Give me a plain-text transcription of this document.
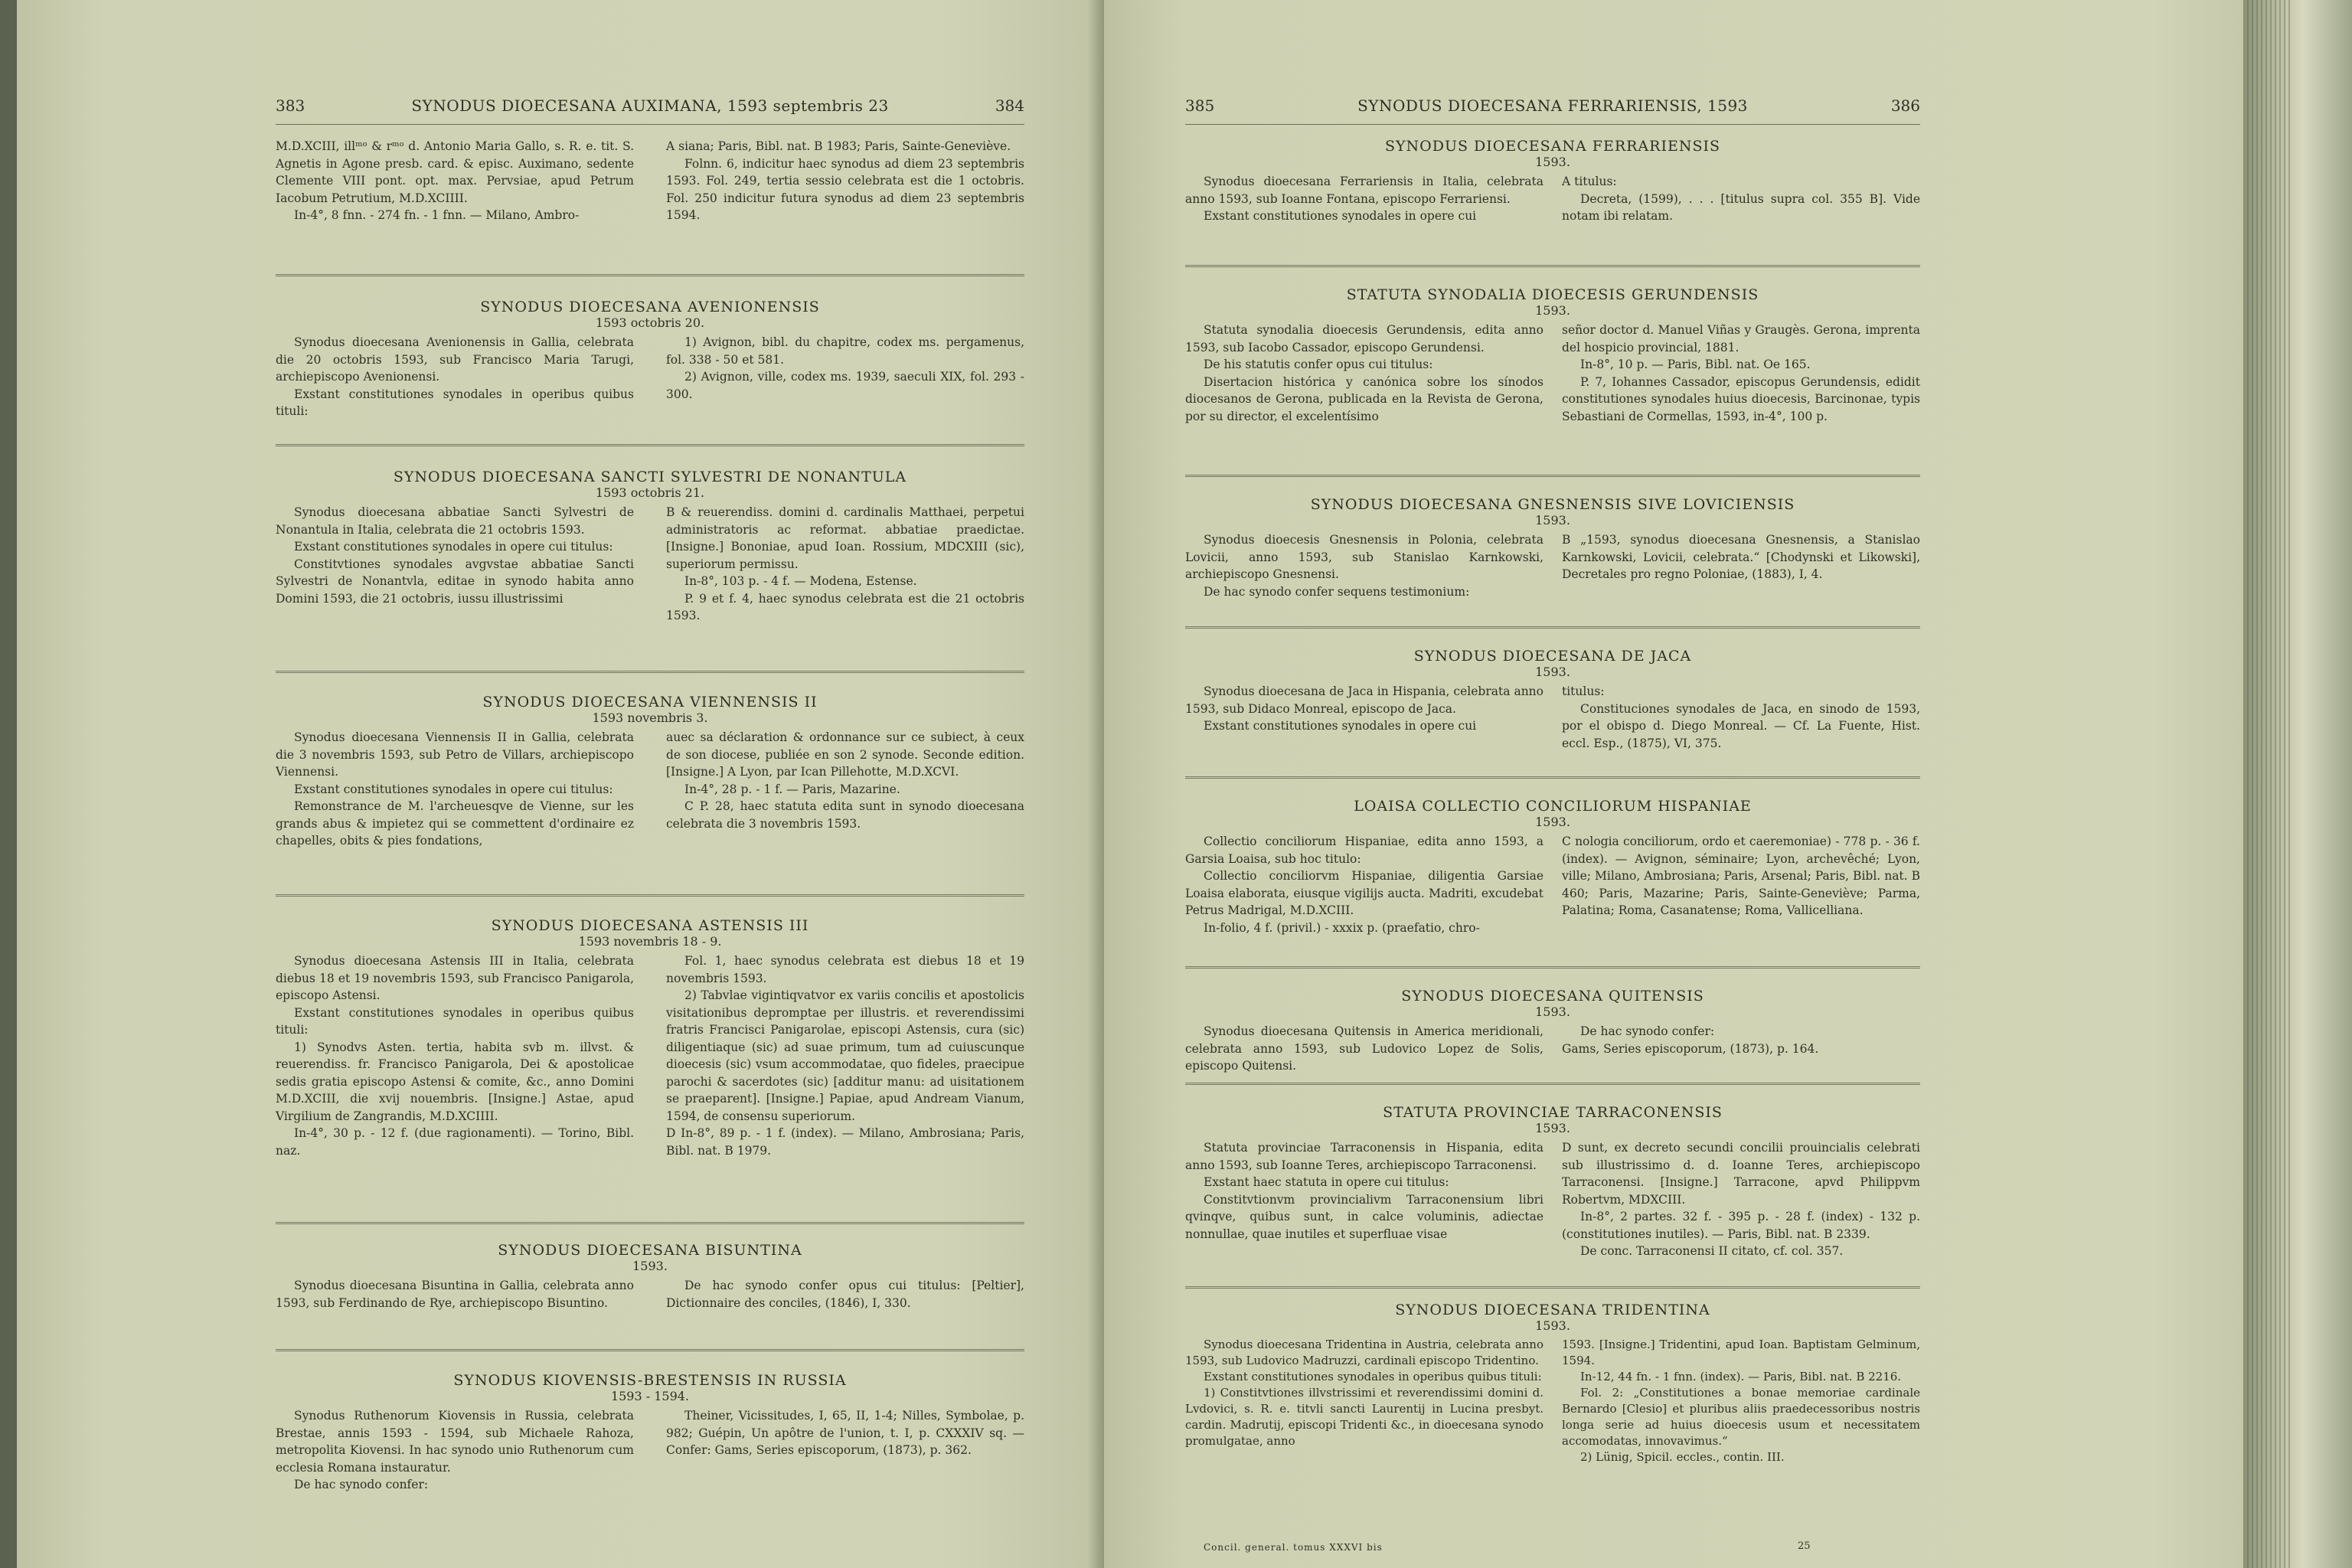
383	SYNODUS DIOECESANA AUXIMANA, 1593 septembris 23	384

M.D.XCIII, illᵐᵒ & rᵐᵒ d. Antonio Maria Gallo, s. R. e. tit. S. Agnetis in Agone presb. card. & episc. Auximano, sedente Clemente VIII pont. opt. max. Pervsiae, apud Petrum Iacobum Petrutium, M.D.XCIIII.

In-4°, 8 fnn. - 274 fn. - 1 fnn. — Milano, Ambro-

A siana; Paris, Bibl. nat. B 1983; Paris, Sainte-Geneviève.

Folnn. 6, indicitur haec synodus ad diem 23 septembris 1593. Fol. 249, tertia sessio celebrata est die 1 octobris. Fol. 250 indicitur futura synodus ad diem 23 septembris 1594.

SYNODUS DIOECESANA AVENIONENSIS
1593 octobris 20.

Synodus dioecesana Avenionensis in Gallia, celebrata die 20 octobris 1593, sub Francisco Maria Tarugi, archiepiscopo Avenionensi.

Exstant constitutiones synodales in operibus quibus tituli:

1) Avignon, bibl. du chapitre, codex ms. pergamenus, fol. 338 - 50 et 581.

2) Avignon, ville, codex ms. 1939, saeculi XIX, fol. 293 - 300.

SYNODUS DIOECESANA SANCTI SYLVESTRI DE NONANTULA
1593 octobris 21.

Synodus dioecesana abbatiae Sancti Sylvestri de Nonantula in Italia, celebrata die 21 octobris 1593.

Exstant constitutiones synodales in opere cui titulus:

Constitvtiones synodales avgvstae abbatiae Sancti Sylvestri de Nonantvla, editae in synodo habita anno Domini 1593, die 21 octobris, iussu illustrissimi

B & reuerendiss. domini d. cardinalis Matthaei, perpetui administratoris ac reformat. abbatiae praedictae. [Insigne.] Bononiae, apud Ioan. Rossium, MDCXIII (sic), superiorum permissu.

In-8°, 103 p. - 4 f. — Modena, Estense.

P. 9 et f. 4, haec synodus celebrata est die 21 octobris 1593.

SYNODUS DIOECESANA VIENNENSIS II
1593 novembris 3.

Synodus dioecesana Viennensis II in Gallia, celebrata die 3 novembris 1593, sub Petro de Villars, archiepiscopo Viennensi.

Exstant constitutiones synodales in opere cui titulus:

Remonstrance de M. l'archeuesqve de Vienne, sur les grands abus & impietez qui se commettent d'ordinaire ez chapelles, obits & pies fondations,

auec sa déclaration & ordonnance sur ce subiect, à ceux de son diocese, publiée en son 2 synode. Seconde edition. [Insigne.] A Lyon, par Ican Pillehotte, M.D.XCVI.

In-4°, 28 p. - 1 f. — Paris, Mazarine.

C P. 28, haec statuta edita sunt in synodo dioecesana celebrata die 3 novembris 1593.

SYNODUS DIOECESANA ASTENSIS III
1593 novembris 18 - 9.

Synodus dioecesana Astensis III in Italia, celebrata diebus 18 et 19 novembris 1593, sub Francisco Panigarola, episcopo Astensi.

Exstant constitutiones synodales in operibus quibus tituli:

1) Synodvs Asten. tertia, habita svb m. illvst. & reuerendiss. fr. Francisco Panigarola, Dei & apostolicae sedis gratia episcopo Astensi & comite, &c., anno Domini M.D.XCIII, die xvij nouembris. [Insigne.] Astae, apud Virgilium de Zangrandis, M.D.XCIIII.

In-4°, 30 p. - 12 f. (due ragionamenti). — Torino, Bibl. naz.

Fol. 1, haec synodus celebrata est diebus 18 et 19 novembris 1593.

2) Tabvlae vigintiqvatvor ex variis concilis et apostolicis visitationibus depromptae per illustris. et reverendissimi fratris Francisci Panigarolae, episcopi Astensis, cura (sic) diligentiaque (sic) ad suae primum, tum ad cuiuscunque dioecesis (sic) vsum accommodatae, quo fideles, praecipue parochi & sacerdotes (sic) [additur manu: ad uisitationem se praeparent]. [Insigne.] Papiae, apud Andream Vianum, 1594, de consensu superiorum.

D In-8°, 89 p. - 1 f. (index). — Milano, Ambrosiana; Paris, Bibl. nat. B 1979.

SYNODUS DIOECESANA BISUNTINA
1593.

Synodus dioecesana Bisuntina in Gallia, celebrata anno 1593, sub Ferdinando de Rye, archiepiscopo Bisuntino.

De hac synodo confer opus cui titulus: [Peltier], Dictionnaire des conciles, (1846), I, 330.

SYNODUS KIOVENSIS-BRESTENSIS IN RUSSIA
1593 - 1594.

Synodus Ruthenorum Kiovensis in Russia, celebrata Brestae, annis 1593 - 1594, sub Michaele Rahoza, metropolita Kiovensi. In hac synodo unio Ruthenorum cum ecclesia Romana instauratur.

De hac synodo confer:

Theiner, Vicissitudes, I, 65, II, 1-4; Nilles, Symbolae, p. 982; Guépin, Un apôtre de l'union, t. I, p. CXXXIV sq. — Confer: Gams, Series episcoporum, (1873), p. 362.

385	SYNODUS DIOECESANA FERRARIENSIS, 1593	386
SYNODUS DIOECESANA FERRARIENSIS
1593.

Synodus dioecesana Ferrariensis in Italia, celebrata anno 1593, sub Ioanne Fontana, episcopo Ferrariensi.

Exstant constitutiones synodales in opere cui

A titulus:

Decreta, (1599), . . . [titulus supra col. 355 B]. Vide notam ibi relatam.

STATUTA SYNODALIA DIOECESIS GERUNDENSIS
1593.

Statuta synodalia dioecesis Gerundensis, edita anno 1593, sub Iacobo Cassador, episcopo Gerundensi.

De his statutis confer opus cui titulus:

Disertacion histórica y canónica sobre los sínodos diocesanos de Gerona, publicada en la Revista de Gerona, por su director, el excelentísimo

señor doctor d. Manuel Viñas y Graugès. Gerona, imprenta del hospicio provincial, 1881.

In-8°, 10 p. — Paris, Bibl. nat. Oe 165.

P. 7, Iohannes Cassador, episcopus Gerundensis, edidit constitutiones synodales huius dioecesis, Barcinonae, typis Sebastiani de Cormellas, 1593, in-4°, 100 p.

SYNODUS DIOECESANA GNESNENSIS SIVE LOVICIENSIS
1593.

Synodus dioecesis Gnesnensis in Polonia, celebrata Lovicii, anno 1593, sub Stanislao Karnkowski, archiepiscopo Gnesnensi.

De hac synodo confer sequens testimonium:

B „1593, synodus dioecesana Gnesnensis, a Stanislao Karnkowski, Lovicii, celebrata.“ [Chodynski et Likowski], Decretales pro regno Poloniae, (1883), I, 4.

SYNODUS DIOECESANA DE JACA
1593.

Synodus dioecesana de Jaca in Hispania, celebrata anno 1593, sub Didaco Monreal, episcopo de Jaca.

Exstant constitutiones synodales in opere cui

titulus:

Constituciones synodales de Jaca, en sinodo de 1593, por el obispo d. Diego Monreal. — Cf. La Fuente, Hist. eccl. Esp., (1875), VI, 375.

LOAISA COLLECTIO CONCILIORUM HISPANIAE
1593.

Collectio conciliorum Hispaniae, edita anno 1593, a Garsia Loaisa, sub hoc titulo:

Collectio conciliorvm Hispaniae, diligentia Garsiae Loaisa elaborata, eiusque vigilijs aucta. Madriti, excudebat Petrus Madrigal, M.D.XCIII.

In-folio, 4 f. (privil.) - xxxix p. (praefatio, chro-

C nologia conciliorum, ordo et caeremoniae) - 778 p. - 36 f. (index). — Avignon, séminaire; Lyon, archevêché; Lyon, ville; Milano, Ambrosiana; Paris, Arsenal; Paris, Bibl. nat. B 460; Paris, Mazarine; Paris, Sainte-Geneviève; Parma, Palatina; Roma, Casanatense; Roma, Vallicelliana.

SYNODUS DIOECESANA QUITENSIS
1593.

Synodus dioecesana Quitensis in America meridionali, celebrata anno 1593, sub Ludovico Lopez de Solis, episcopo Quitensi.

De hac synodo confer:

Gams, Series episcoporum, (1873), p. 164.

STATUTA PROVINCIAE TARRACONENSIS
1593.

Statuta provinciae Tarraconensis in Hispania, edita anno 1593, sub Ioanne Teres, archiepiscopo Tarraconensi.

Exstant haec statuta in opere cui titulus:

Constitvtionvm provincialivm Tarraconensium libri qvinqve, quibus sunt, in calce voluminis, adiectae nonnullae, quae inutiles et superfluae visae

D sunt, ex decreto secundi concilii prouincialis celebrati sub illustrissimo d. d. Ioanne Teres, archiepiscopo Tarraconensi. [Insigne.] Tarracone, apvd Philippvm Robertvm, MDXCIII.

In-8°, 2 partes. 32 f. - 395 p. - 28 f. (index) - 132 p. (constitutiones inutiles). — Paris, Bibl. nat. B 2339.

De conc. Tarraconensi II citato, cf. col. 357.

SYNODUS DIOECESANA TRIDENTINA
1593.

Synodus dioecesana Tridentina in Austria, celebrata anno 1593, sub Ludovico Madruzzi, cardinali episcopo Tridentino.

Exstant constitutiones synodales in operibus quibus tituli:

1) Constitvtiones illvstrissimi et reverendissimi domini d. Lvdovici, s. R. e. titvli sancti Laurentij in Lucina presbyt. cardin. Madrutij, episcopi Tridenti &c., in dioecesana synodo promulgatae, anno

1593. [Insigne.] Tridentini, apud Ioan. Baptistam Gelminum, 1594.

In-12, 44 fn. - 1 fnn. (index). — Paris, Bibl. nat. B 2216.

Fol. 2: „Constitutiones a bonae memoriae cardinale Bernardo [Clesio] et pluribus aliis praedecessoribus nostris longa serie ad huius dioecesis usum et necessitatem accomodatas, innovavimus.“

2) Lünig, Spicil. eccles., contin. III.

Concil. general. tomus XXXVI bis	25
